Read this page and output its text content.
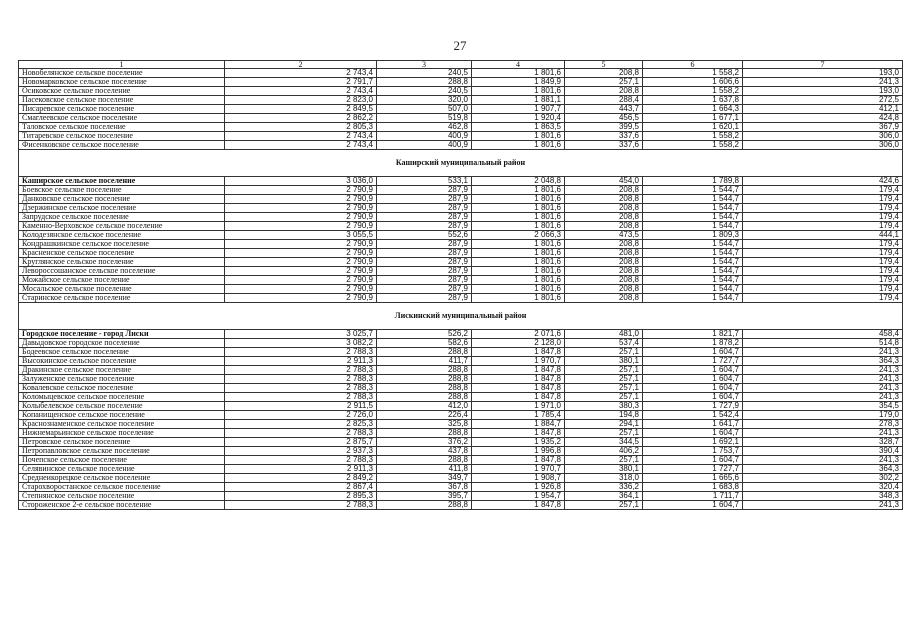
27
1	2	3	4	5	6	7
Новобелянское сельское поселение	2 743,4	240,5	1 801,6	208,8	1 558,2	193,0
Новомарковское сельское поселение	2 791,7	288,8	1 849,9	257,1	1 606,6	241,3
Осиковское сельское поселение	2 743,4	240,5	1 801,6	208,8	1 558,2	193,0
Пасековское сельское поселение	2 823,0	320,0	1 881,1	288,4	1 637,8	272,5
Писаревское сельское поселение	2 849,5	507,0	1 907,7	443,7	1 664,3	412,1
Смаглеевское сельское поселение	2 862,2	519,8	1 920,4	456,5	1 677,1	424,8
Таловское сельское поселение	2 805,3	462,8	1 863,5	399,5	1 620,1	367,9
Титаревское сельское поселение	2 743,4	400,9	1 801,6	337,6	1 558,2	306,0
Фисенковское сельское поселение	2 743,4	400,9	1 801,6	337,6	1 558,2	306,0
Каширский муниципальный район						
Каширское сельское поселение	3 036,0	533,1	2 048,8	454,0	1 789,8	424,6
Боевское сельское поселение	2 790,9	287,9	1 801,6	208,8	1 544,7	179,4
Данковское сельское поселение	2 790,9	287,9	1 801,6	208,8	1 544,7	179,4
Дзержинское сельское поселение	2 790,9	287,9	1 801,6	208,8	1 544,7	179,4
Запрудское сельское поселение	2 790,9	287,9	1 801,6	208,8	1 544,7	179,4
Каменно-Верховское сельское поселение	2 790,9	287,9	1 801,6	208,8	1 544,7	179,4
Колодезянское сельское поселение	3 055,5	552,6	2 066,3	473,5	1 809,3	444,1
Кондрашкинское сельское поселение	2 790,9	287,9	1 801,6	208,8	1 544,7	179,4
Красненское сельское поселение	2 790,9	287,9	1 801,6	208,8	1 544,7	179,4
Круглянское сельское поселение	2 790,9	287,9	1 801,6	208,8	1 544,7	179,4
Левороссошанское сельское поселение	2 790,9	287,9	1 801,6	208,8	1 544,7	179,4
Можайское сельское поселение	2 790,9	287,9	1 801,6	208,8	1 544,7	179,4
Мосальское сельское поселение	2 790,9	287,9	1 801,6	208,8	1 544,7	179,4
Старинское сельское поселение	2 790,9	287,9	1 801,6	208,8	1 544,7	179,4
Лискинский муниципальный район						
Городское поселение - город Лиски	3 025,7	526,2	2 071,6	481,0	1 821,7	458,4
Давыдовское городское поселение	3 082,2	582,6	2 128,0	537,4	1 878,2	514,8
Бодеевское сельское поселение	2 788,3	288,8	1 847,8	257,1	1 604,7	241,3
Высокинское сельское поселение	2 911,3	411,7	1 970,7	380,1	1 727,7	364,3
Дракинское сельское поселение	2 788,3	288,8	1 847,8	257,1	1 604,7	241,3
Залуженское сельское поселение	2 788,3	288,8	1 847,8	257,1	1 604,7	241,3
Ковалевское сельское поселение	2 788,3	288,8	1 847,8	257,1	1 604,7	241,3
Коломыцевское сельское поселение	2 788,3	288,8	1 847,8	257,1	1 604,7	241,3
Колыбелевское сельское поселение	2 911,5	412,0	1 971,0	380,3	1 727,9	354,5
Копанищенское сельское поселение	2 726,0	226,4	1 785,4	194,8	1 542,4	179,0
Краснознаменское сельское поселение	2 825,3	325,8	1 884,7	294,1	1 641,7	278,3
Нижнемарьинское сельское поселение	2 788,3	288,8	1 847,8	257,1	1 604,7	241,3
Петровское сельское поселение	2 875,7	376,2	1 935,2	344,5	1 692,1	328,7
Петропавловское сельское поселение	2 937,3	437,8	1 996,8	406,2	1 753,7	390,4
Почепское сельское поселение	2 788,3	288,8	1 847,8	257,1	1 604,7	241,3
Селявинское сельское поселение	2 911,3	411,8	1 970,7	380,1	1 727,7	364,3
Среднеикорецкое сельское поселение	2 849,2	349,7	1 908,7	318,0	1 665,6	302,2
Старохворостанское сельское поселение	2 867,4	367,8	1 926,8	336,2	1 683,8	320,4
Степнянское сельское поселение	2 895,3	395,7	1 954,7	364,1	1 711,7	348,3
Стороженское 2-е сельское поселение	2 788,3	288,8	1 847,8	257,1	1 604,7	241,3
